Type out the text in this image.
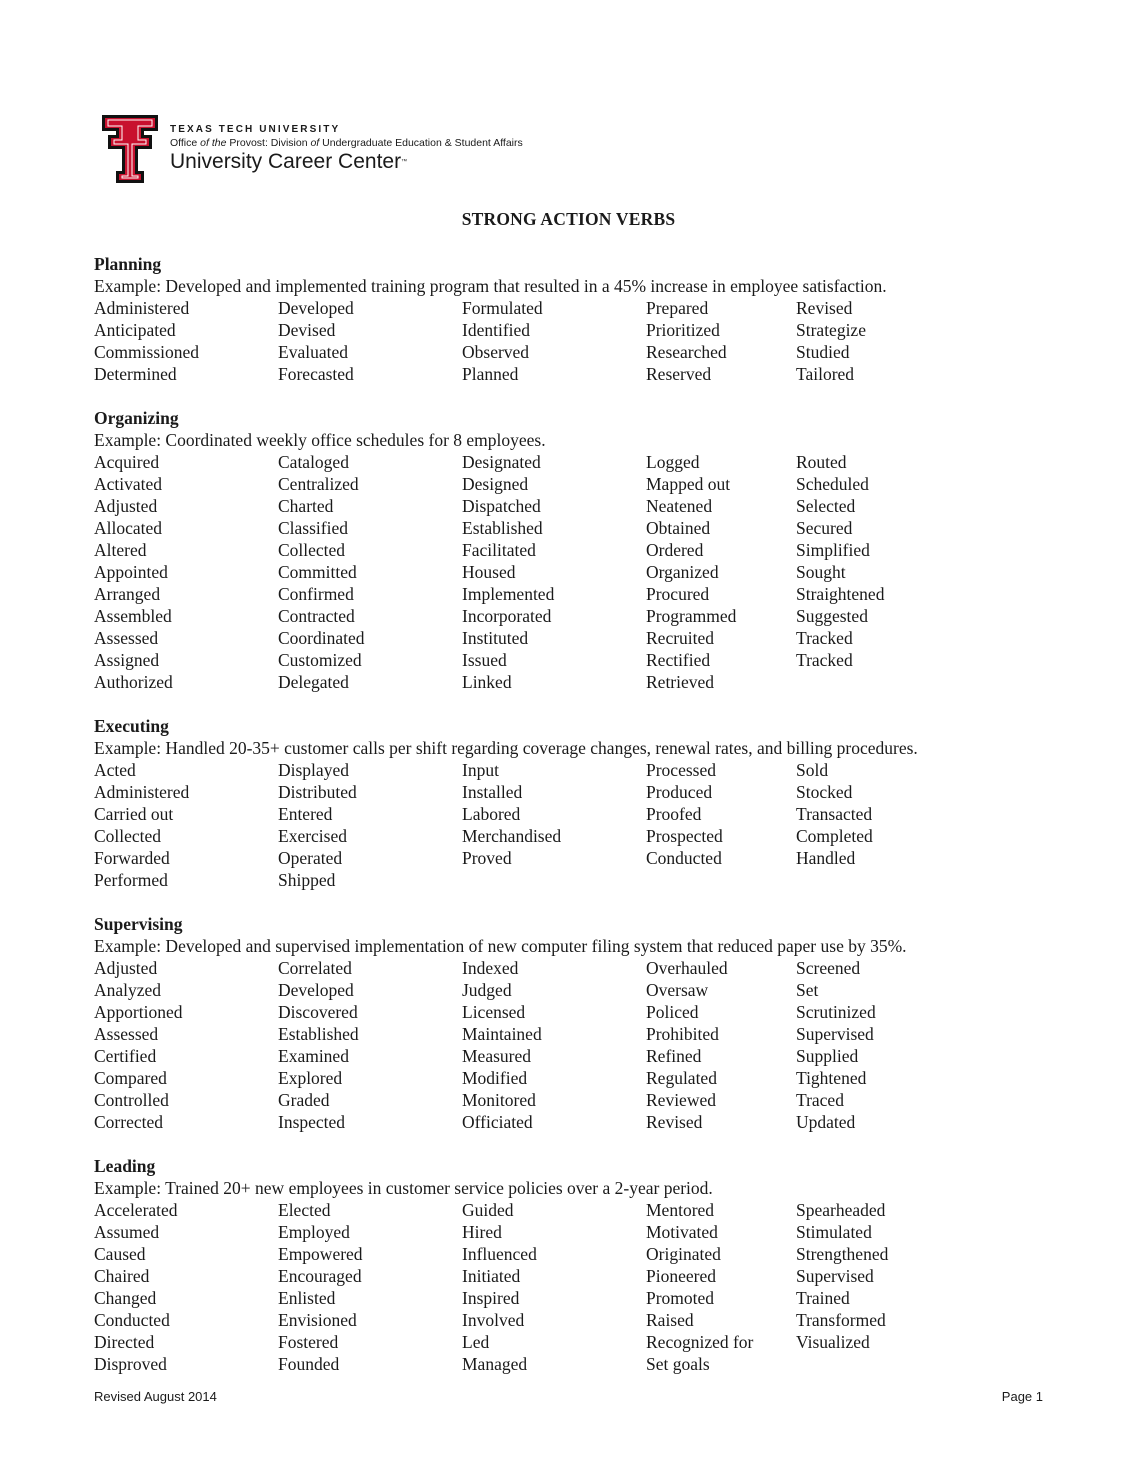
TEXAS TECH UNIVERSITY
Office of the Provost: Division of Undergraduate Education & Student Affairs
University Career Center™
STRONG ACTION VERBS
Planning
Example: Developed and implemented training program that resulted in a 45% increase in employee satisfaction.
Administered	Developed	Formulated	Prepared	Revised
Anticipated	Devised	Identified	Prioritized	Strategize
Commissioned	Evaluated	Observed	Researched	Studied
Determined	Forecasted	Planned	Reserved	Tailored
Organizing
Example: Coordinated weekly office schedules for 8 employees.
Acquired	Cataloged	Designated	Logged	Routed
Activated	Centralized	Designed	Mapped out	Scheduled
Adjusted	Charted	Dispatched	Neatened	Selected
Allocated	Classified	Established	Obtained	Secured
Altered	Collected	Facilitated	Ordered	Simplified
Appointed	Committed	Housed	Organized	Sought
Arranged	Confirmed	Implemented	Procured	Straightened
Assembled	Contracted	Incorporated	Programmed	Suggested
Assessed	Coordinated	Instituted	Recruited	Tracked
Assigned	Customized	Issued	Rectified	Tracked
Authorized	Delegated	Linked	Retrieved
Executing
Example: Handled 20-35+ customer calls per shift regarding coverage changes, renewal rates, and billing procedures.
Acted	Displayed	Input	Processed	Sold
Administered	Distributed	Installed	Produced	Stocked
Carried out	Entered	Labored	Proofed	Transacted
Collected	Exercised	Merchandised	Prospected	Completed
Forwarded	Operated	Proved	Conducted	Handled
Performed	Shipped
Supervising
Example: Developed and supervised implementation of new computer filing system that reduced paper use by 35%.
Adjusted	Correlated	Indexed	Overhauled	Screened
Analyzed	Developed	Judged	Oversaw	Set
Apportioned	Discovered	Licensed	Policed	Scrutinized
Assessed	Established	Maintained	Prohibited	Supervised
Certified	Examined	Measured	Refined	Supplied
Compared	Explored	Modified	Regulated	Tightened
Controlled	Graded	Monitored	Reviewed	Traced
Corrected	Inspected	Officiated	Revised	Updated
Leading
Example: Trained 20+ new employees in customer service policies over a 2-year period.
Accelerated	Elected	Guided	Mentored	Spearheaded
Assumed	Employed	Hired	Motivated	Stimulated
Caused	Empowered	Influenced	Originated	Strengthened
Chaired	Encouraged	Initiated	Pioneered	Supervised
Changed	Enlisted	Inspired	Promoted	Trained
Conducted	Envisioned	Involved	Raised	Transformed
Directed	Fostered	Led	Recognized for	Visualized
Disproved	Founded	Managed	Set goals
Revised August 2014	Page 1
